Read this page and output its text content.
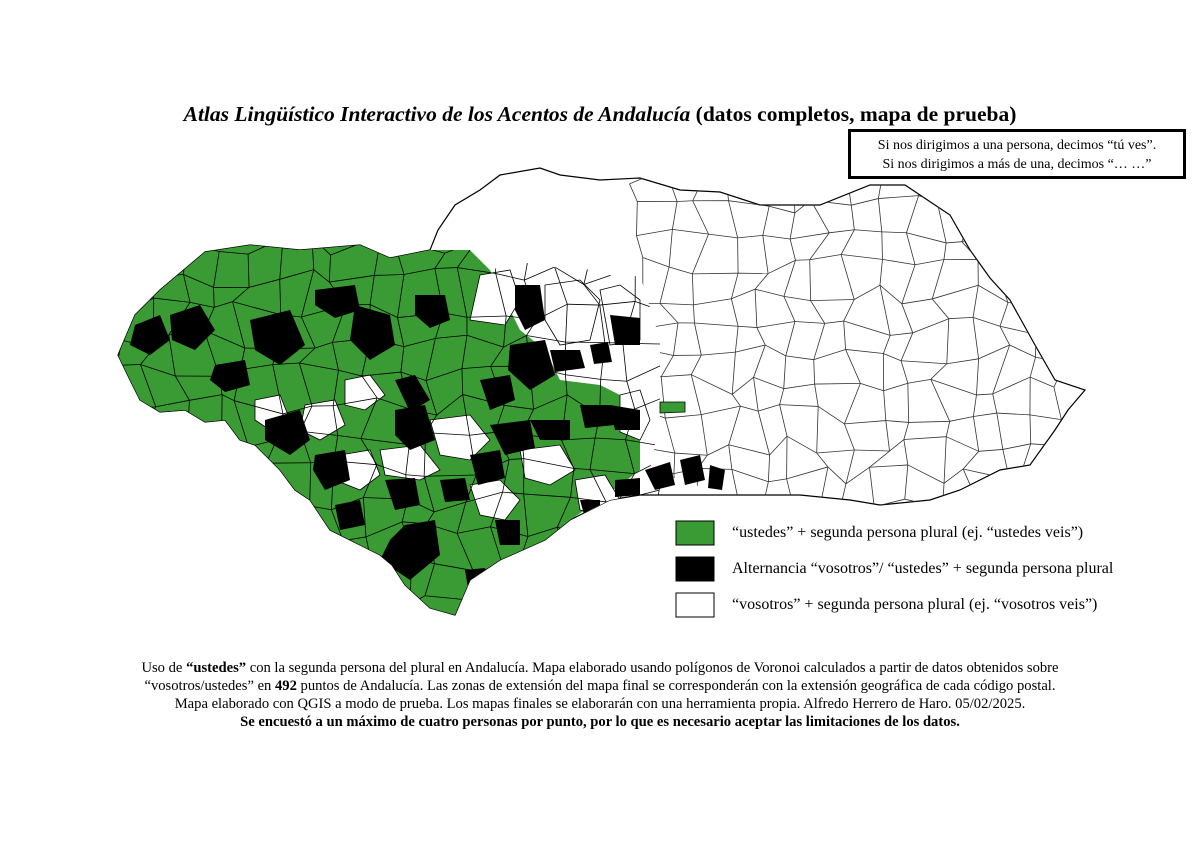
Atlas Lingüístico Interactivo de los Acentos de Andalucía (datos completos, mapa de prueba)
Si nos dirigimos a una persona, decimos “tú ves”.
Si nos dirigimos a más de una, decimos “… …”
“ustedes” + segunda persona plural (ej. “ustedes veis”)
Alternancia “vosotros”/ “ustedes” + segunda persona plural
“vosotros” + segunda persona plural (ej. “vosotros veis”)
Uso de “ustedes” con la segunda persona del plural en Andalucía. Mapa elaborado usando polígonos de Voronoi calculados a partir de datos obtenidos sobre
“vosotros/ustedes” en 492 puntos de Andalucía. Las zonas de extensión del mapa final se corresponderán con la extensión geográfica de cada código postal.
Mapa elaborado con QGIS a modo de prueba. Los mapas finales se elaborarán con una herramienta propia. Alfredo Herrero de Haro. 05/02/2025.
Se encuestó a un máximo de cuatro personas por punto, por lo que es necesario aceptar las limitaciones de los datos.
